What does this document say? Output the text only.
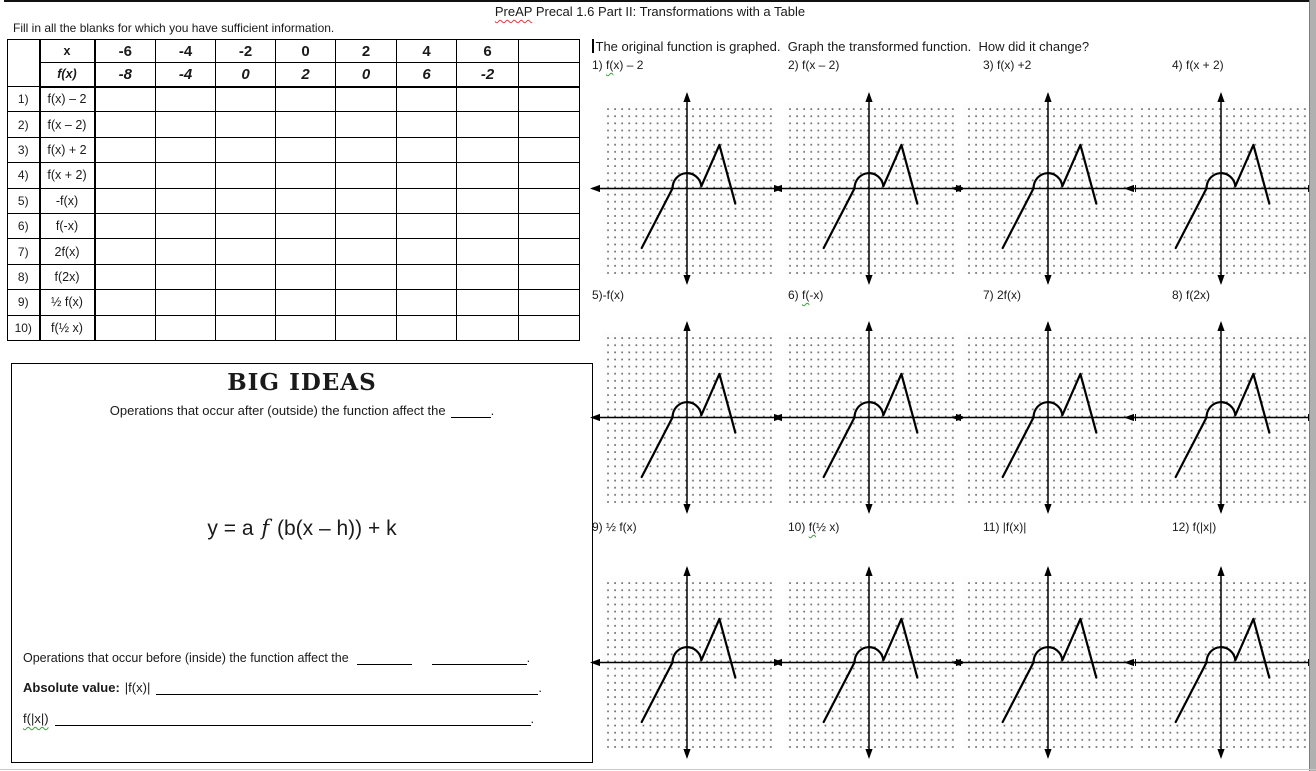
PreAP Precal 1.6 Part II: Transformations with a Table
Fill in all the blanks for which you have sufficient information.
	x	-6	-4	-2	0	2	4	6	
	f(x)	-8	-4	0	2	0	6	-2	
1)	f(x) – 2								
2)	f(x – 2)								
3)	f(x) + 2								
4)	f(x + 2)								
5)	-f(x)								
6)	f(-x)								
7)	2f(x)								
8)	f(2x)								
9)	½ f(x)								
10)	f(½ x)								
BIG IDEAS
Operations that occur after (outside) the function affect the	.
y = a f (b(x – h)) + k
Operations that occur before (inside) the function affect the	.
Absolute value: |f(x)|	.
f(|x|)	.
The original function is graphed.  Graph the transformed function.  How did it change?
1) f(x) – 2	2) f(x – 2)	3) f(x) +2	4) f(x + 2)
5)-f(x)	6) f(-x)	7) 2f(x)	8) f(2x)
9) ½ f(x)	10) f(½ x)	11) |f(x)|	12) f(|x|)
